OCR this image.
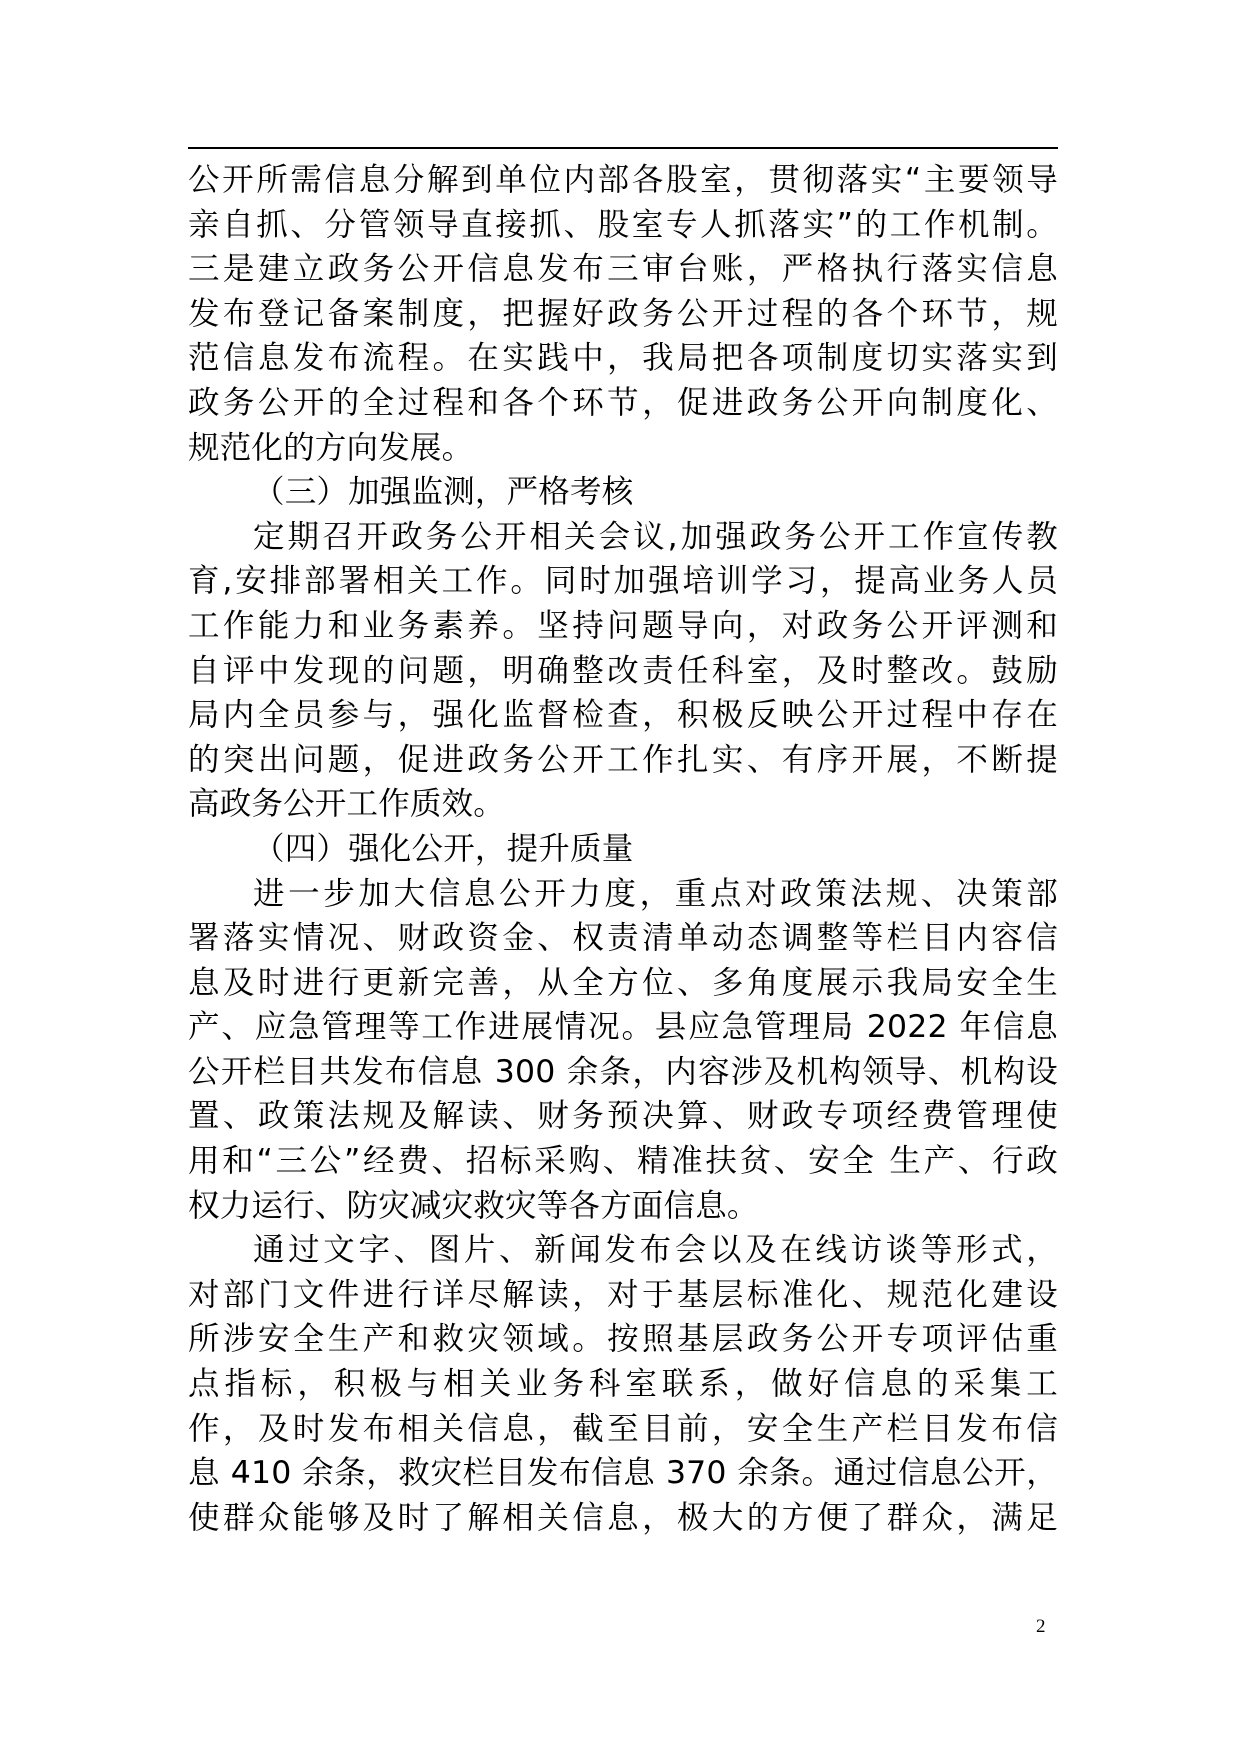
公开所需信息分解到单位内部各股室，贯彻落实“主要领导
亲自抓、分管领导直接抓、股室专人抓落实”的工作机制。
三是建立政务公开信息发布三审台账，严格执行落实信息
发布登记备案制度，把握好政务公开过程的各个环节，规
范信息发布流程。在实践中，我局把各项制度切实落实到
政务公开的全过程和各个环节，促进政务公开向制度化、
规范化的方向发展。
（三）加强监测，严格考核
定期召开政务公开相关会议,加强政务公开工作宣传教
育,安排部署相关工作。同时加强培训学习，提高业务人员
工作能力和业务素养。坚持问题导向，对政务公开评测和
自评中发现的问题，明确整改责任科室，及时整改。鼓励
局内全员参与，强化监督检查，积极反映公开过程中存在
的突出问题，促进政务公开工作扎实、有序开展，不断提
高政务公开工作质效。
（四）强化公开，提升质量
进一步加大信息公开力度，重点对政策法规、决策部
署落实情况、财政资金、权责清单动态调整等栏目内容信
息及时进行更新完善，从全方位、多角度展示我局安全生
产、应急管理等工作进展情况。县应急管理局 2022 年信息
公开栏目共发布信息 300 余条，内容涉及机构领导、机构设
置、政策法规及解读、财务预决算、财政专项经费管理使
用和“三公”经费、招标采购、精准扶贫、安全 生产、行政
权力运行、防灾减灾救灾等各方面信息。
通过文字、图片、新闻发布会以及在线访谈等形式，
对部门文件进行详尽解读，对于基层标准化、规范化建设
所涉安全生产和救灾领域。按照基层政务公开专项评估重
点指标，积极与相关业务科室联系，做好信息的采集工
作，及时发布相关信息，截至目前，安全生产栏目发布信
息 410 余条，救灾栏目发布信息 370 余条。通过信息公开，
使群众能够及时了解相关信息，极大的方便了群众，满足
2
